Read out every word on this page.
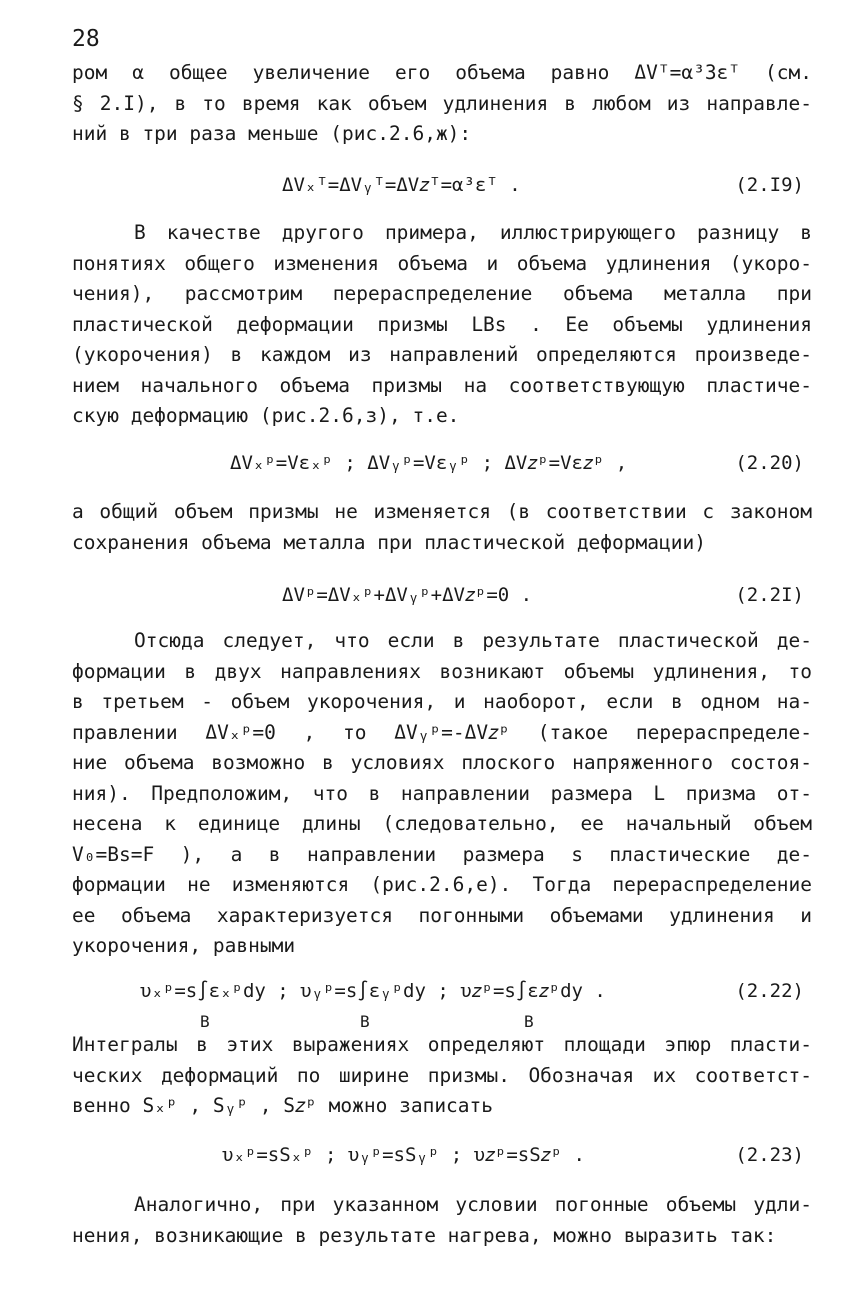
28
ром α общее увеличение его объема равно ΔVᵀ=α³3εᵀ (см.
§ 2.I), в то время как объем удлинения в любом из направле-
ний в три раза меньше (рис.2.6,ж):
ΔVₓᵀ=ΔVᵧᵀ=ΔV𝑧ᵀ=α³εᵀ .	(2.I9)
В качестве другого примера, иллюстрирующего разницу в
понятиях общего изменения объема и объема удлинения (укоро-
чения), рассмотрим перераспределение объема металла при
пластической деформации призмы LBs . Ее объемы удлинения
(укорочения) в каждом из направлений определяются произведе-
нием начального объема призмы на соответствующую пластиче-
скую деформацию (рис.2.6,з), т.е.
ΔVₓᵖ=Vεₓᵖ ; ΔVᵧᵖ=Vεᵧᵖ ; ΔV𝑧ᵖ=Vε𝑧ᵖ ,	(2.20)
а общий объем призмы не изменяется (в соответствии с законом
сохранения объема металла при пластической деформации)
ΔVᵖ=ΔVₓᵖ+ΔVᵧᵖ+ΔV𝑧ᵖ=0 .	(2.2I)
Отсюда следует, что если в результате пластической де-
формации в двух направлениях возникают объемы удлинения, то
в третьем - объем укорочения, и наоборот, если в одном на-
правлении ΔVₓᵖ=0 , то ΔVᵧᵖ=-ΔV𝑧ᵖ (такое перераспределе-
ние объема возможно в условиях плоского напряженного состоя-
ния). Предположим, что в направлении размера L призма от-
несена к единице длины (следовательно, ее начальный объем
V₀=Bs=F ), а в направлении размера s пластические де-
формации не изменяются (рис.2.6,е). Тогда перераспределение
ее объема характеризуется погонными объемами удлинения и
укорочения, равными
υₓᵖ=s∫εₓᵖdy ; υᵧᵖ=s∫εᵧᵖdy ; υ𝑧ᵖ=s∫ε𝑧ᵖdy .	(2.22)
B	B	B
Интегралы в этих выражениях определяют площади эпюр пласти-
ческих деформаций по ширине призмы. Обозначая их соответст-
венно Sₓᵖ , Sᵧᵖ , S𝑧ᵖ можно записать
υₓᵖ=sSₓᵖ ; υᵧᵖ=sSᵧᵖ ; υ𝑧ᵖ=sS𝑧ᵖ .	(2.23)
Аналогично, при указанном условии погонные объемы удли-
нения, возникающие в результате нагрева, можно выразить так:
